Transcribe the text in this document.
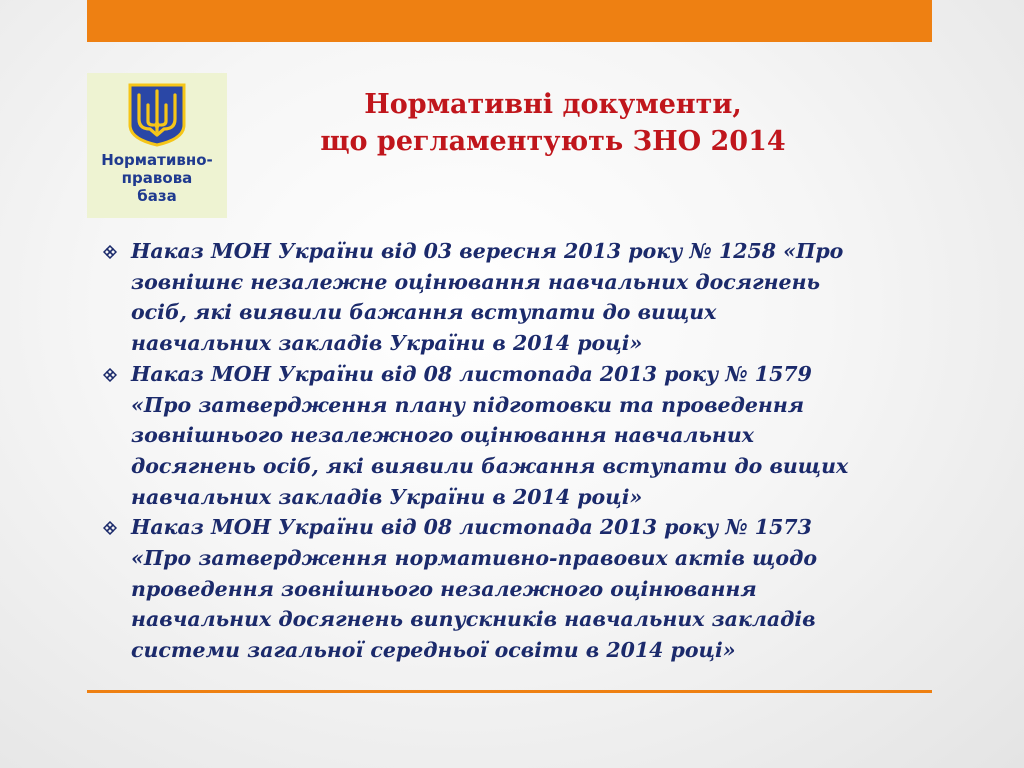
Нормативно-
правова
база
Нормативні документи,
що регламентують ЗНО 2014
Наказ МОН України від 03 вересня 2013 року № 1258 «Про
зовнішнє незалежне оцінювання навчальних досягнень
осіб, які виявили бажання вступати до вищих
навчальних закладів України в 2014 році»
Наказ МОН України від 08 листопада 2013 року № 1579
«Про затвердження плану підготовки та проведення
зовнішнього незалежного оцінювання навчальних
досягнень осіб, які виявили бажання вступати до вищих
навчальних закладів України в 2014 році»
Наказ МОН України від 08 листопада 2013 року № 1573
«Про затвердження нормативно-правових актів щодо
проведення зовнішнього незалежного оцінювання
навчальних досягнень випускників навчальних закладів
системи загальної середньої освіти в 2014 році»
